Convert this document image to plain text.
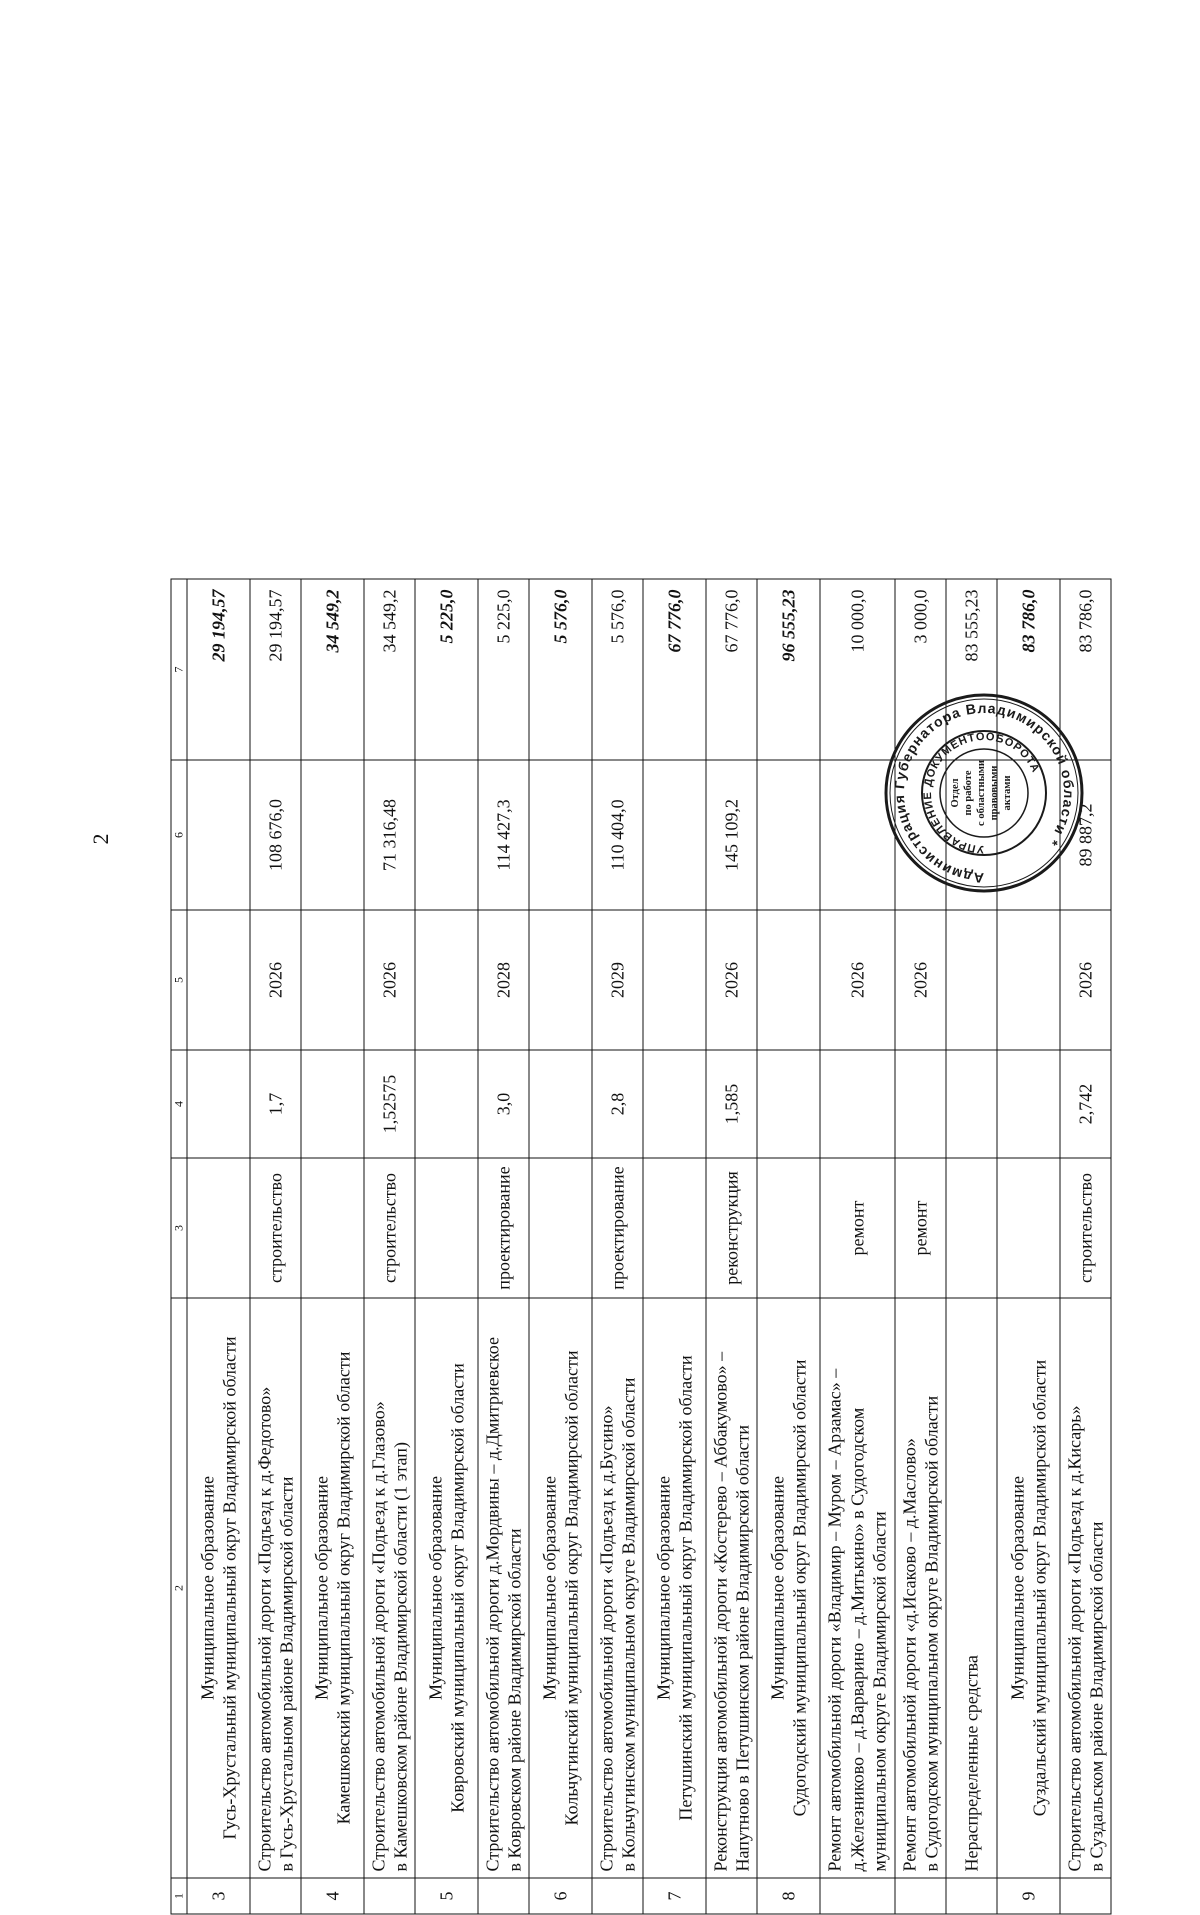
2
1	2	3	4	5	6	7
3	Муниципальное образование Гусь-Хрустальный муниципальный округ Владимирской области					29 194,57

	Строительство автомобильной дороги «Подъезд к д.Федотово» в Гусь-Хрустальном районе Владимирской области	строительство	1,7	2026	108 676,0	29 194,57
4	Муниципальное образование Камешковский муниципальный округ Владимирской области					34 549,2

	Строительство автомобильной дороги «Подъезд к д.Глазово» в Камешковском районе Владимирской области (1 этап)	строительство	1,52575	2026	71 316,48	34 549,2
5	Муниципальное образование Ковровский муниципальный округ Владимирской области					5 225,0

	Строительство автомобильной дороги д.Мордвины – д.Дмитриевское в Ковровском районе Владимирской области	проектирование	3,0	2028	114 427,3	5 225,0
6	Муниципальное образование Кольчугинский муниципальный округ Владимирской области					5 576,0

	Строительство автомобильной дороги «Подъезд к д.Бусино» в Кольчугинском муниципальном округе Владимирской области	проектирование	2,8	2029	110 404,0	5 576,0
7	Муниципальное образование Петушинский муниципальный округ Владимирской области					67 776,0

	Реконструкция автомобильной дороги «Костерево – Аббакумово» – Напутново в Петушинском районе Владимирской области	реконструкция	1,585	2026	145 109,2	67 776,0
8	Муниципальное образование Судогодский муниципальный округ Владимирской области					96 555,23

	Ремонт автомобильной дороги «Владимир – Муром – Арзамас» – д.Железниково – д.Варварино – д.Митькино» в Судогодском муниципальном округе Владимирской области	ремонт		2026		10 000,0

	Ремонт автомобильной дороги «д.Исаково – д.Маслово» в Судогодском муниципальном округе Владимирской области	ремонт		2026		3 000,0

	Нераспределенные средства					83 555,23
9	Муниципальное образование Суздальский муниципальный округ Владимирской области					83 786,0

	Строительство автомобильной дороги «Подъезд к д.Кисарь» в Суздальском районе Владимирской области	строительство	2,742	2026	89 887,2	83 786,0
Администрация Губернатора Владимирской области *
УПРАВЛЕНИЕ ДОКУМЕНТООБОРОТА
Отдел по работе с областными правовыми актами
